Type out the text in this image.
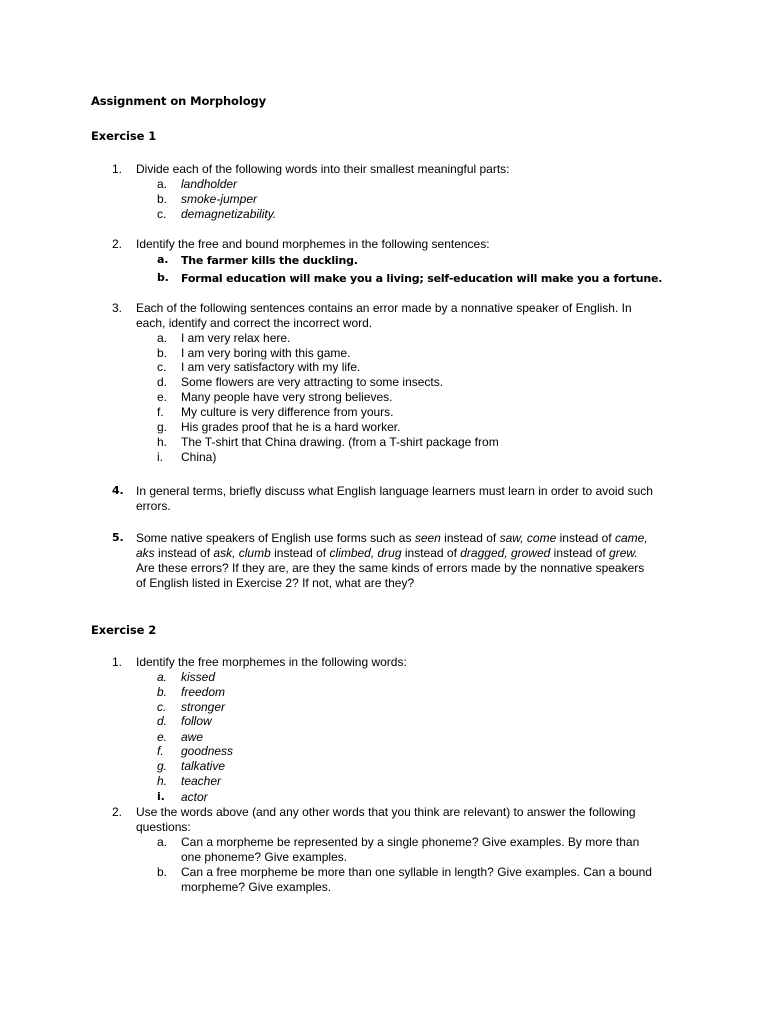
Assignment on Morphology
Exercise 1
1.	Divide each of the following words into their smallest meaningful parts:
a.	landholder
b.	smoke-jumper
c.	demagnetizability.
2.	Identify the free and bound morphemes in the following sentences:
a.	The farmer kills the duckling.
b.	Formal education will make you a living; self-education will make you a fortune.
3.	Each of the following sentences contains an error made by a nonnative speaker of English. In
each, identify and correct the incorrect word.
a.	I am very relax here.
b.	I am very boring with this game.
c.	I am very satisfactory with my life.
d.	Some flowers are very attracting to some insects.
e.	Many people have very strong believes.
f.	My culture is very difference from yours.
g.	His grades proof that he is a hard worker.
h.	The T-shirt that China drawing. (from a T-shirt package from
i.	China)
4.	In general terms, briefly discuss what English language learners must learn in order to avoid such
errors.
5.	Some native speakers of English use forms such as seen instead of saw, come instead of came,
aks instead of ask, clumb instead of climbed, drug instead of dragged, growed instead of grew.
Are these errors? If they are, are they the same kinds of errors made by the nonnative speakers
of English listed in Exercise 2? If not, what are they?
Exercise 2
1.	Identify the free morphemes in the following words:
a.	kissed
b.	freedom
c.	stronger
d.	follow
e.	awe
f.	goodness
g.	talkative
h.	teacher
i.	actor
2.	Use the words above (and any other words that you think are relevant) to answer the following
questions:
a.	Can a morpheme be represented by a single phoneme? Give examples. By more than
one phoneme? Give examples.
b.	Can a free morpheme be more than one syllable in length? Give examples. Can a bound
morpheme? Give examples.
